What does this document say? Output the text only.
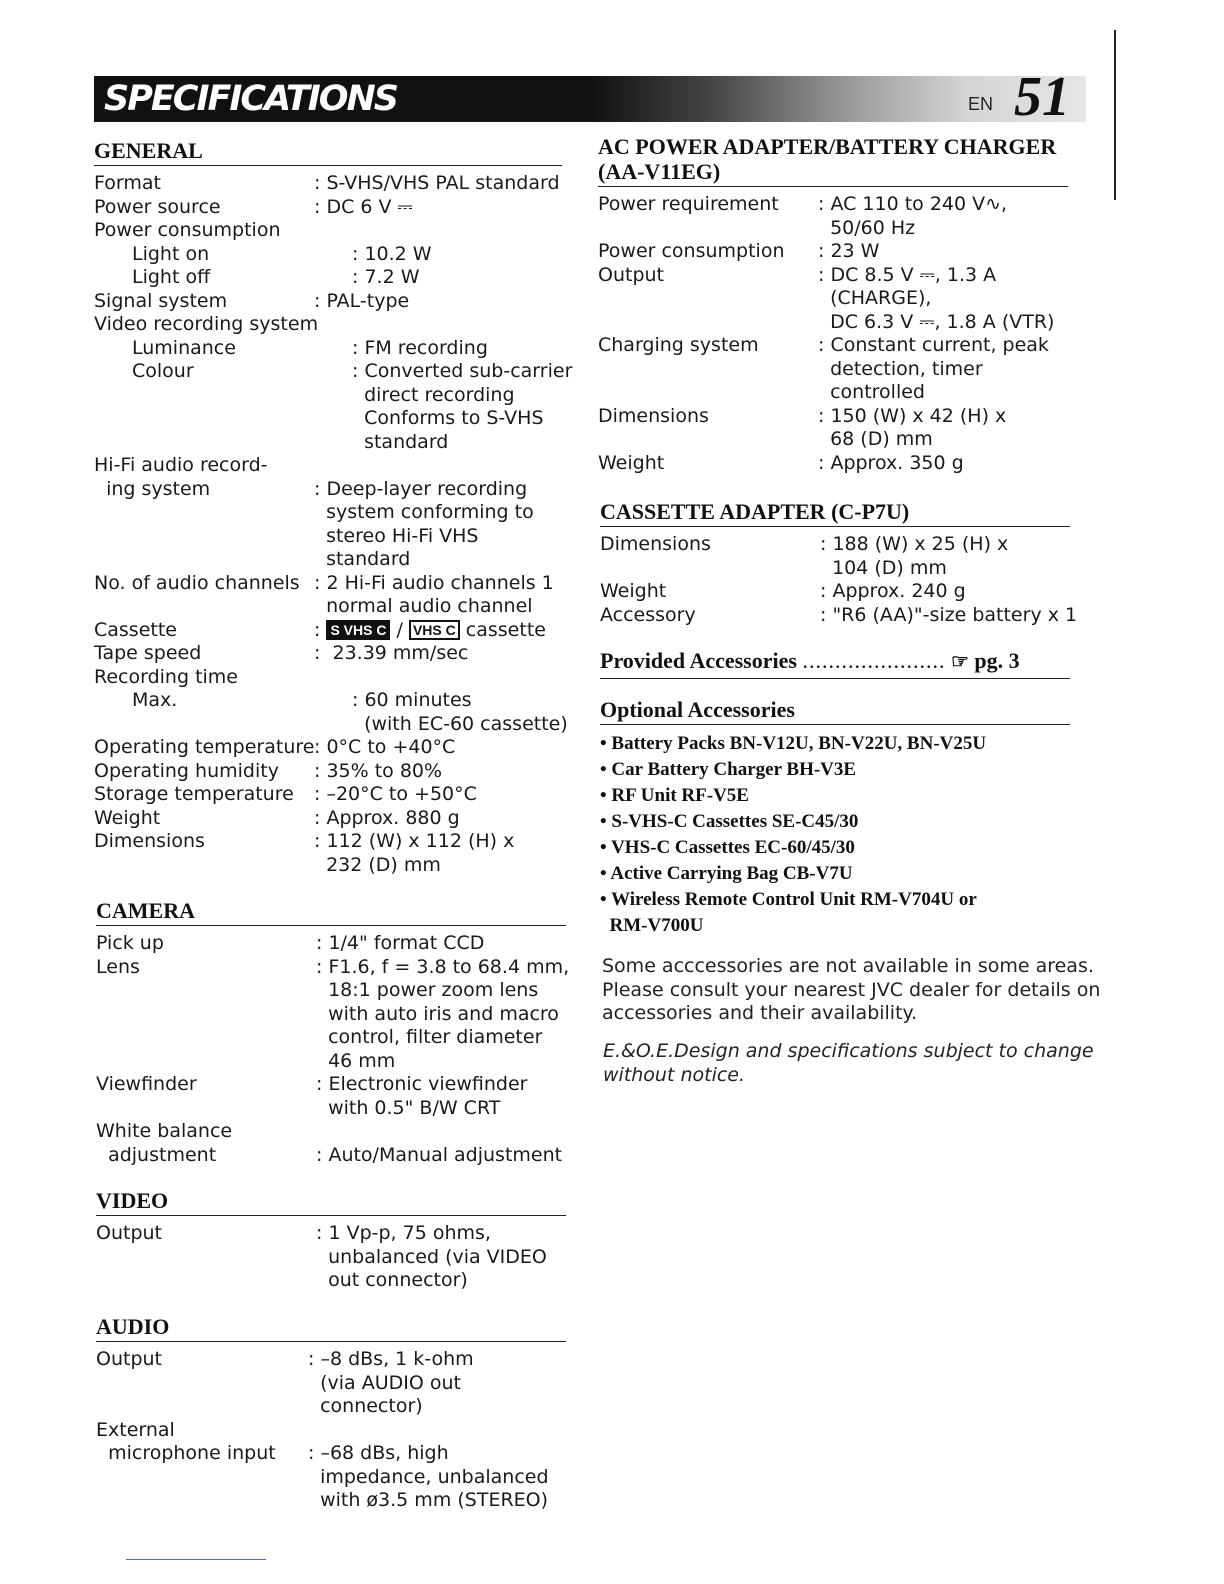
SPECIFICATIONS	EN 51
GENERAL
Format	: S-VHS/VHS PAL standard
Power source	: DC 6 V ⎓
Power consumption
Light on	: 10.2 W
Light off	: 7.2 W
Signal system	: PAL-type
Video recording system
Luminance	: FM recording
Colour	: Converted sub-carrier
direct recording
Conforms to S-VHS
standard
Hi-Fi audio record-
ing system	
: Deep-layer recording
system conforming to
stereo Hi-Fi VHS
standard
No. of audio channels : 2 Hi-Fi audio channels 1
normal audio channel
Cassette	: S VHS C / VHS C cassette
Tape speed	:  23.39 mm/sec
Recording time
Max.	: 60 minutes
(with EC-60 cassette)
Operating temperature : 0°C to +40°C
Operating humidity	: 35% to 80%
Storage temperature	: –20°C to +50°C
Weight	: Approx. 880 g
Dimensions	: 112 (W) x 112 (H) x
232 (D) mm
CAMERA
Pick up	: 1/4" format CCD
Lens	: F1.6, f = 3.8 to 68.4 mm,
18:1 power zoom lens
with auto iris and macro
control, filter diameter
46 mm
Viewfinder	: Electronic viewfinder
with 0.5" B/W CRT
White balance
adjustment	
: Auto/Manual adjustment
VIDEO
Output	: 1 Vp-p, 75 ohms,
unbalanced (via VIDEO
out connector)
AUDIO
Output	: –8 dBs, 1 k-ohm
(via AUDIO out
connector)
External
microphone input	
: –68 dBs, high
impedance, unbalanced
with ø3.5 mm (STEREO)
AC POWER ADAPTER/BATTERY CHARGER
(AA-V11EG)
Power requirement	: AC 110 to 240 V∿,
50/60 Hz
Power consumption	: 23 W
Output	: DC 8.5 V ⎓, 1.3 A
(CHARGE),
DC 6.3 V ⎓, 1.8 A (VTR)
Charging system	: Constant current, peak
detection, timer
controlled
Dimensions	: 150 (W) x 42 (H) x
68 (D) mm
Weight	: Approx. 350 g
CASSETTE ADAPTER (C-P7U)
Dimensions	: 188 (W) x 25 (H) x
104 (D) mm
Weight	: Approx. 240 g
Accessory	: "R6 (AA)"-size battery x 1
Provided Accessories ...................... ☞ pg. 3
Optional Accessories
• Battery Packs BN-V12U, BN-V22U, BN-V25U
• Car Battery Charger BH-V3E
• RF Unit RF-V5E
• S-VHS-C Cassettes SE-C45/30
• VHS-C Cassettes EC-60/45/30
• Active Carrying Bag CB-V7U
• Wireless Remote Control Unit RM-V704U or
RM-V700U
Some acccessories are not available in some areas.
Please consult your nearest JVC dealer for details on
accessories and their availability.
E.&O.E.Design and specifications subject to change
without notice.
